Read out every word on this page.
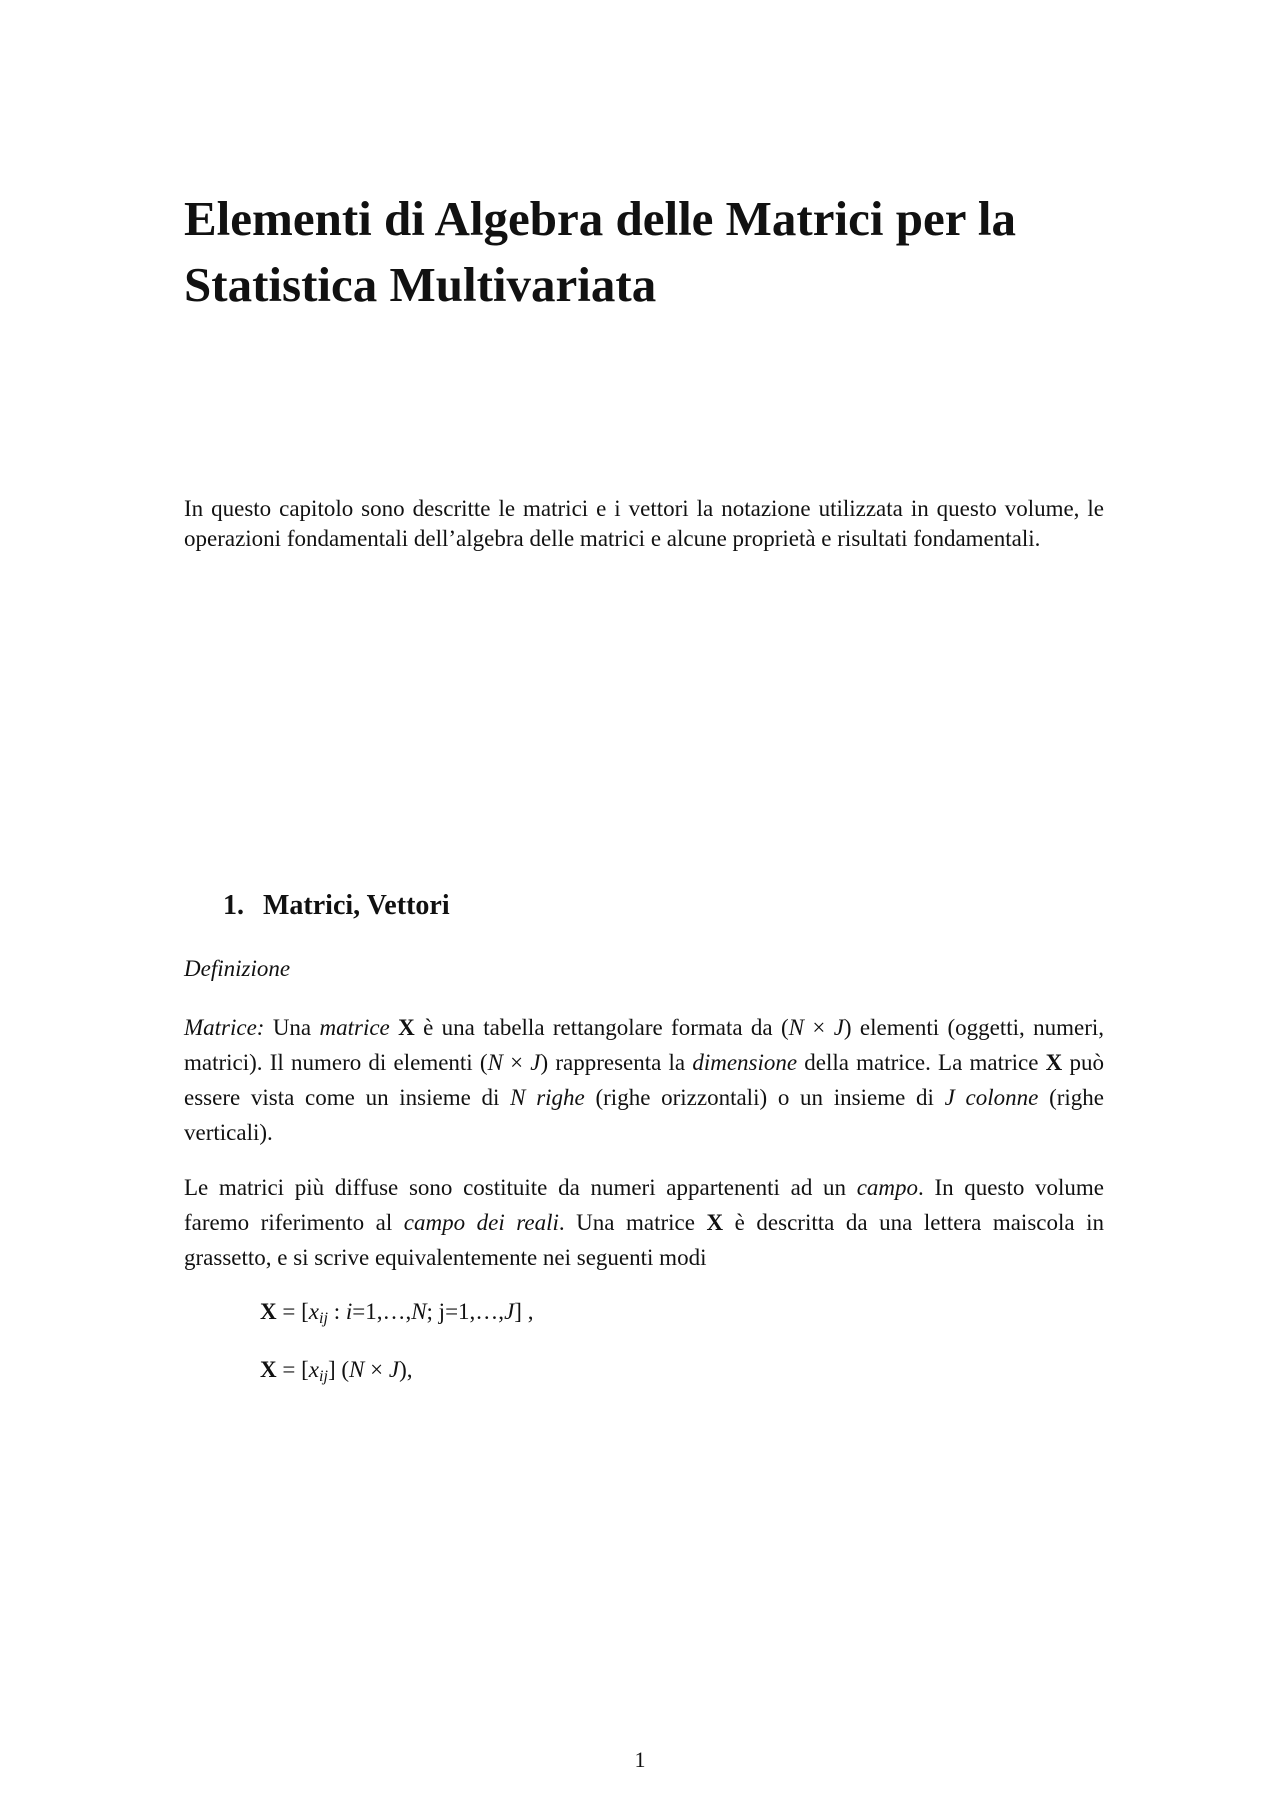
Elementi di Algebra delle Matrici per la
Statistica Multivariata

In questo capitolo sono descritte le matrici e i vettori la notazione utilizzata in questo volume, le operazioni fondamentali dell’algebra delle matrici e alcune proprietà e risultati fondamentali.

1. Matrici, Vettori

Definizione

Matrice: Una matrice X è una tabella rettangolare formata da (N × J) elementi (oggetti, numeri, matrici). Il numero di elementi (N × J) rappresenta la dimensione della matrice. La matrice X può essere vista come un insieme di N righe (righe orizzontali) o un insieme di J colonne (righe verticali).

Le matrici più diffuse sono costituite da numeri appartenenti ad un campo. In questo volume faremo riferimento al campo dei reali. Una matrice X è descritta da una lettera maiscola in grassetto, e si scrive equivalentemente nei seguenti modi

$X = [x_{ij}$ : i=1,…,N; j=1,…,J] ,

$X = [x_{ij}] (N \times J)$,

1
